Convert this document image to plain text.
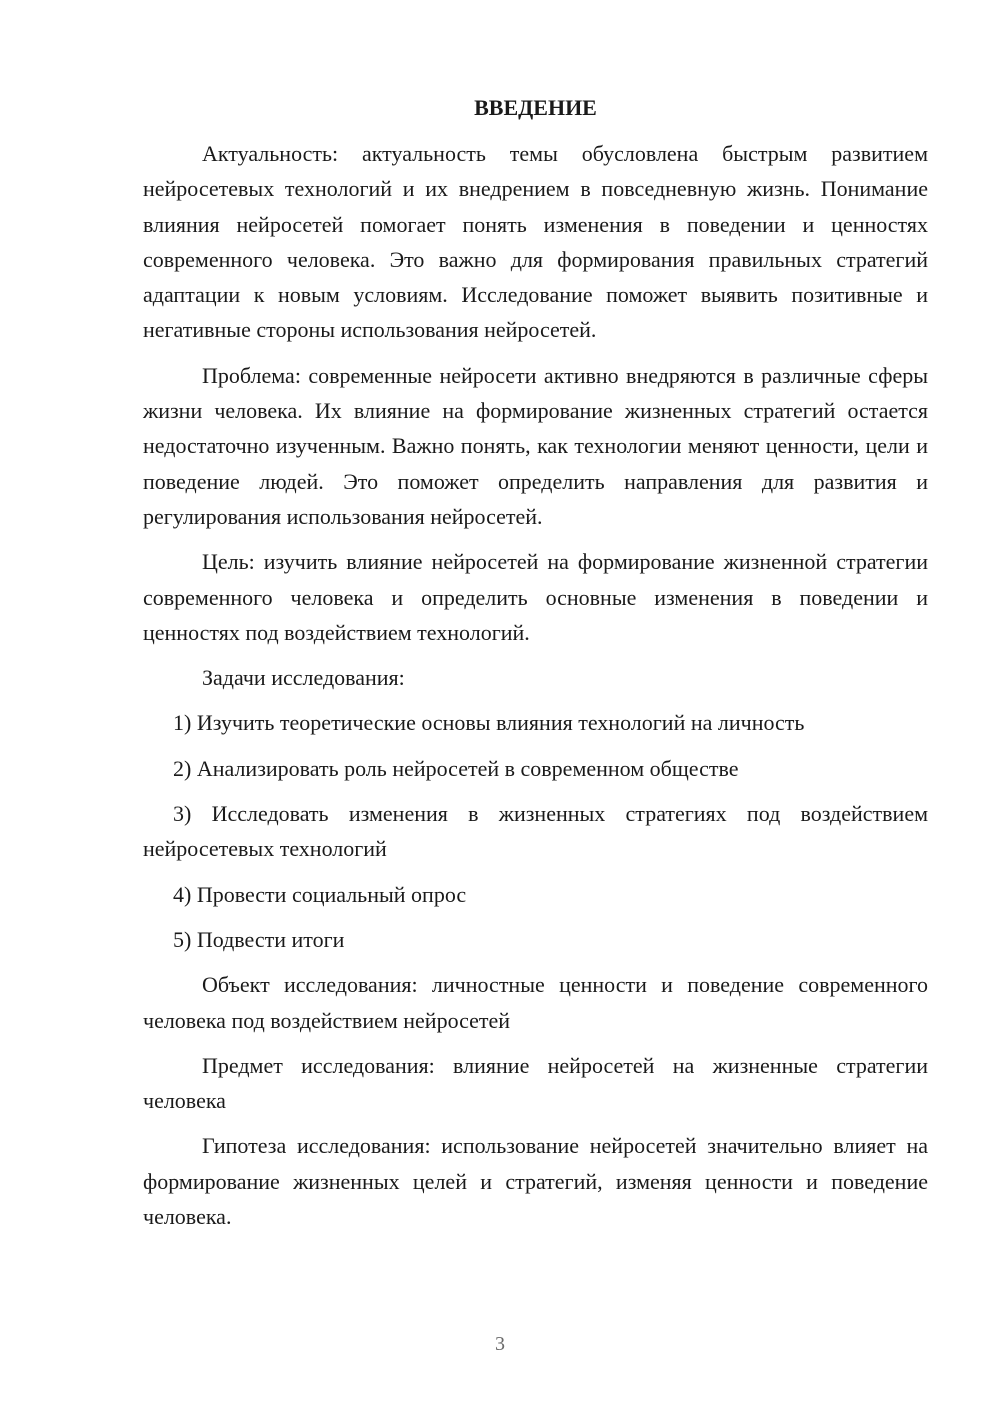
ВВЕДЕНИЕ

Актуальность: актуальность темы обусловлена быстрым развитием нейросетевых технологий и их внедрением в повседневную жизнь. Понимание влияния нейросетей помогает понять изменения в поведении и ценностях современного человека. Это важно для формирования правильных стратегий адаптации к новым условиям. Исследование поможет выявить позитивные и негативные стороны использования нейросетей.

Проблема: современные нейросети активно внедряются в различные сферы жизни человека. Их влияние на формирование жизненных стратегий остается недостаточно изученным. Важно понять, как технологии меняют ценности, цели и поведение людей. Это поможет определить направления для развития и регулирования использования нейросетей.

Цель: изучить влияние нейросетей на формирование жизненной стратегии современного человека и определить основные изменения в поведении и ценностях под воздействием технологий.

Задачи исследования:

1) Изучить теоретические основы влияния технологий на личность

2) Анализировать роль нейросетей в современном обществе

3) Исследовать изменения в жизненных стратегиях под воздействием нейросетевых технологий

4) Провести социальный опрос

5) Подвести итоги

Объект исследования: личностные ценности и поведение современного человека под воздействием нейросетей

Предмет исследования: влияние нейросетей на жизненные стратегии человека

Гипотеза исследования: использование нейросетей значительно влияет на формирование жизненных целей и стратегий, изменяя ценности и поведение человека.

3
